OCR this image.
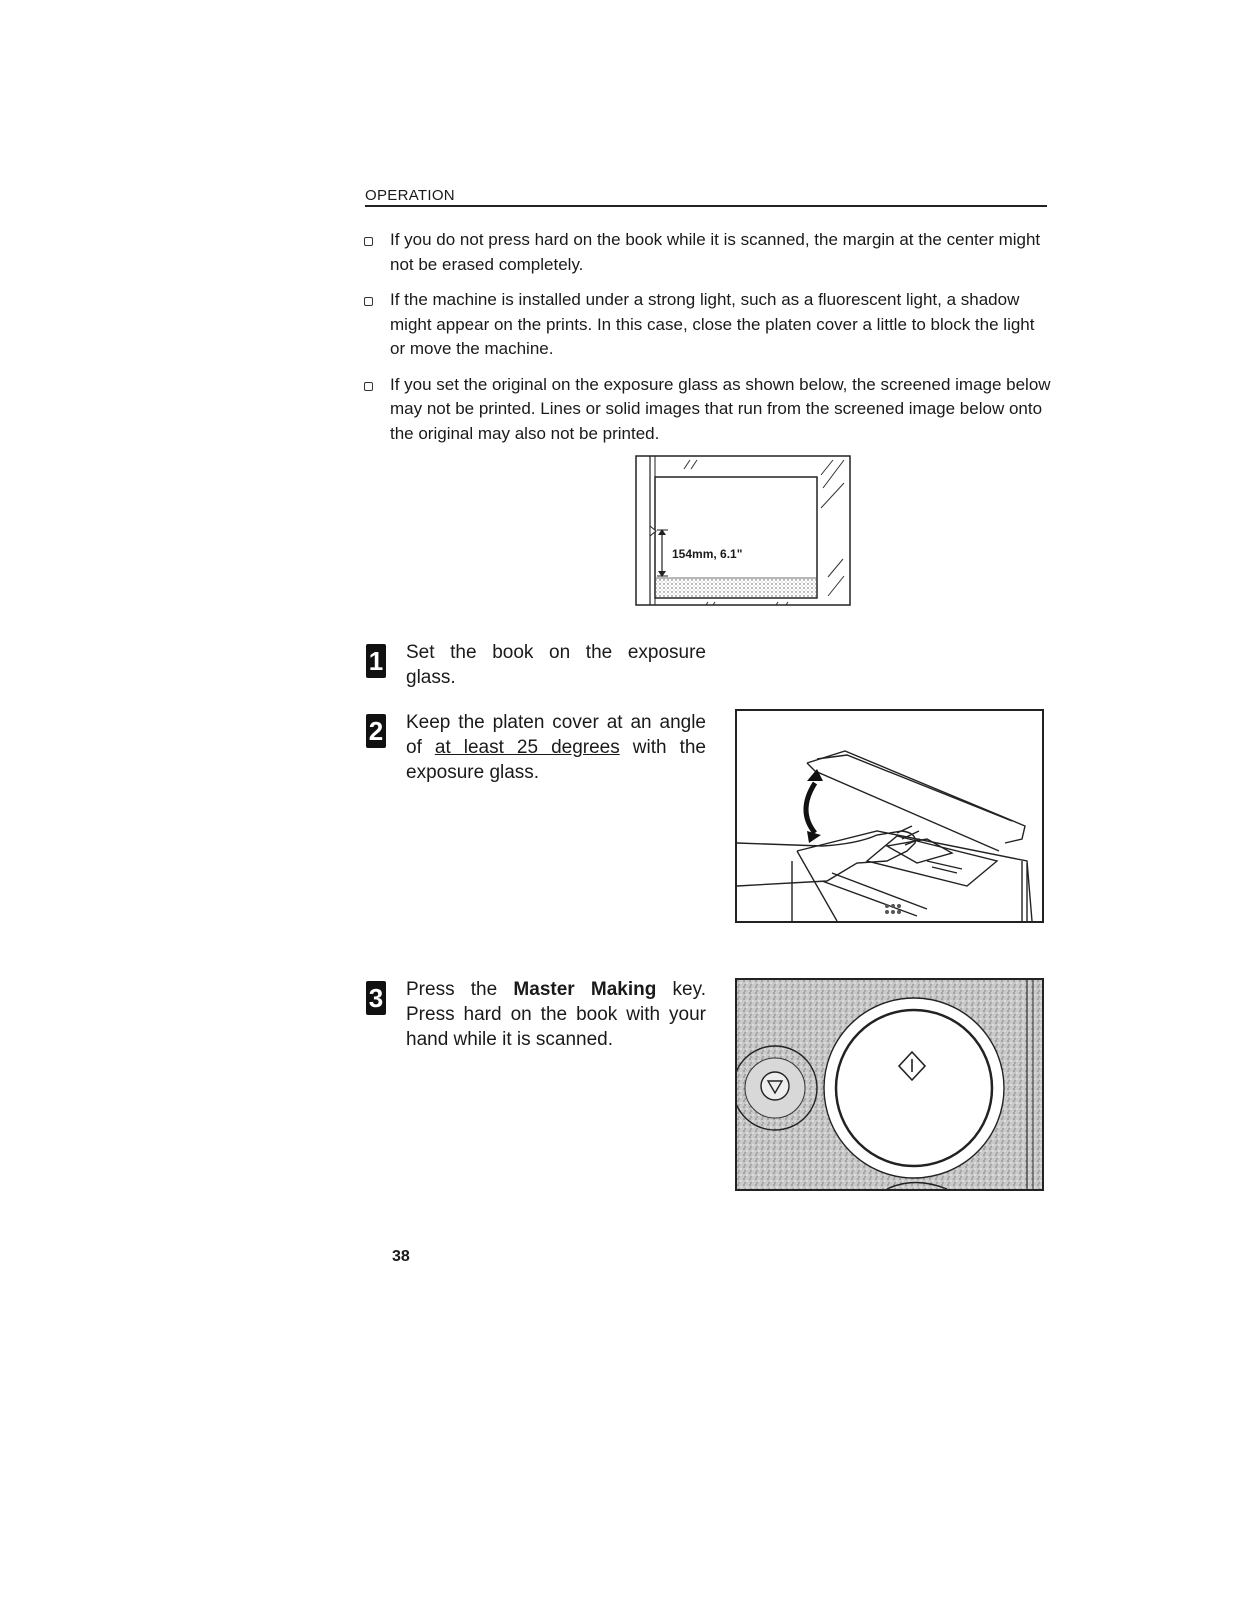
OPERATION
If you do not press hard on the book while it is scanned, the margin at the center might not be erased completely.
If the machine is installed under a strong light, such as a fluorescent light, a shadow might appear on the prints. In this case, close the platen cover a little to block the light or move the machine.
If you set the original on the exposure glass as shown below, the screened image below may not be printed. Lines or solid images that run from the screened image below onto the original may also not be printed.
154mm, 6.1"
1 Set the book on the exposure glass.
2 Keep the platen cover at an angle of at least 25 degrees with the exposure glass.
3 Press the Master Making key. Press hard on the book with your hand while it is scanned.
38
